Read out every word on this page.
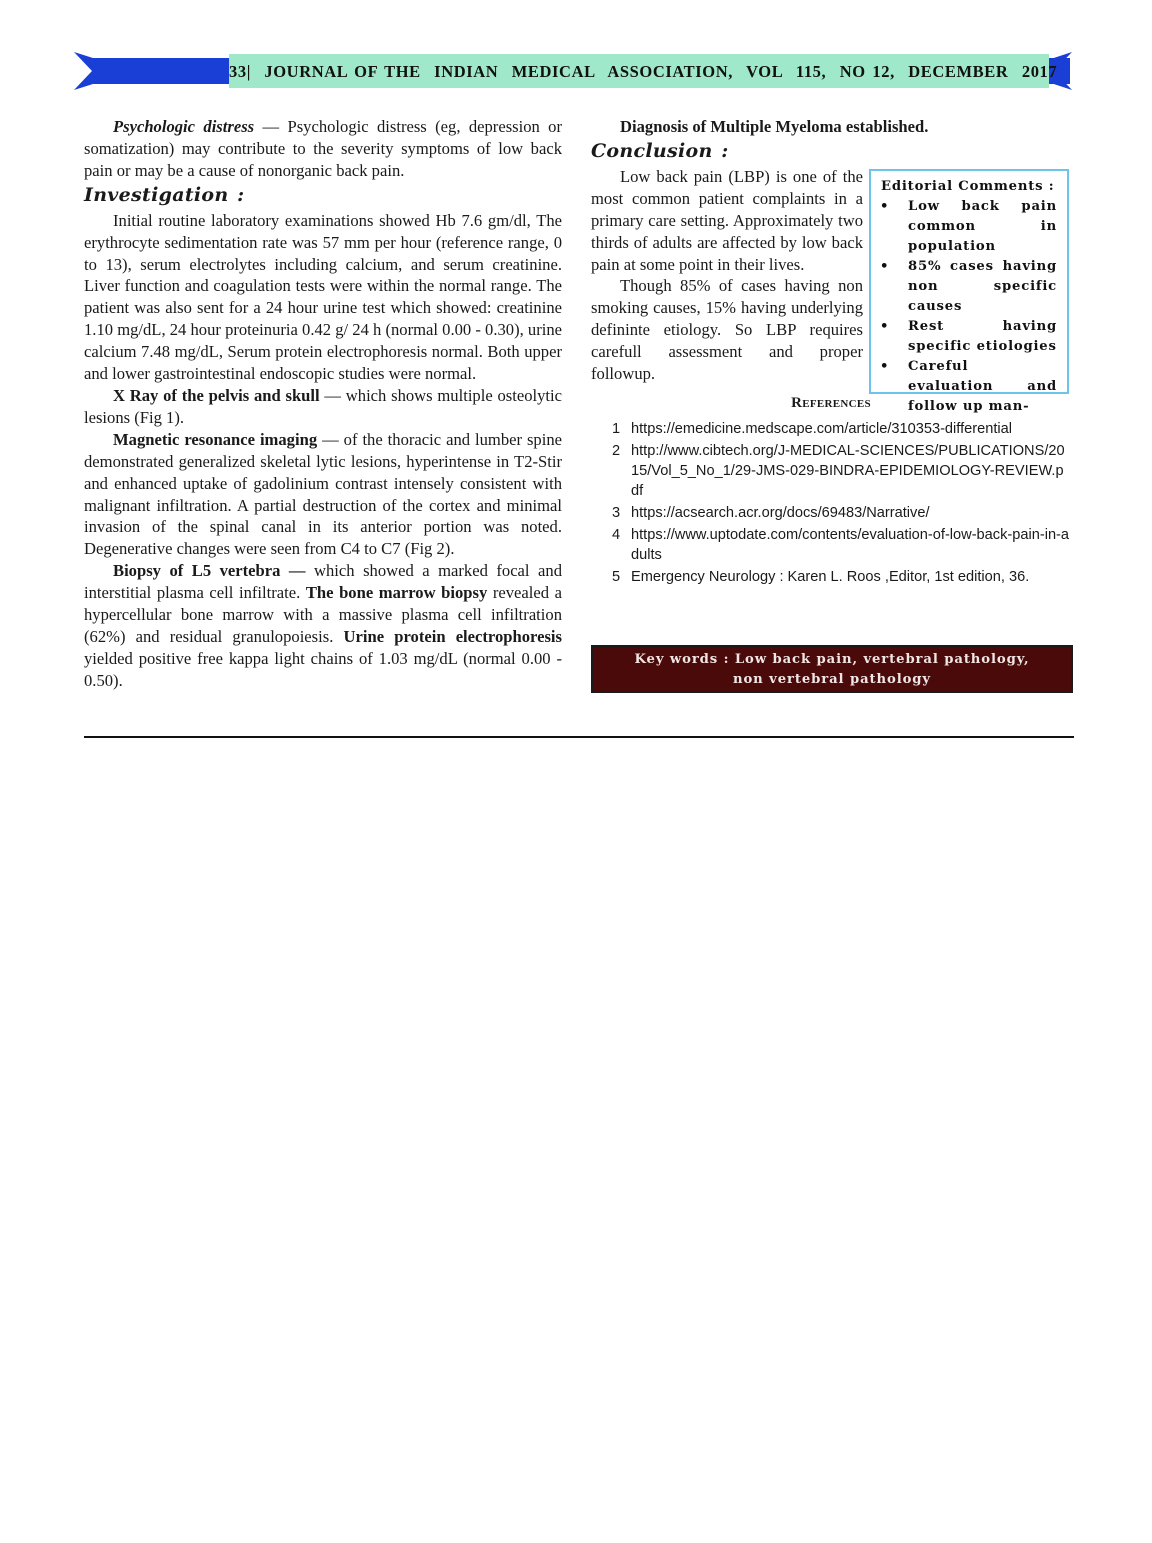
33| JOURNAL OF THE  INDIAN  MEDICAL  ASSOCIATION, VOL  115, NO 12, DECEMBER  2017

Psychologic distress — Psychologic distress (eg, depression or somatization) may contribute to the severity symptoms of low back pain or may be a cause of nonorganic back pain.

Investigation :

Initial routine laboratory examinations showed Hb 7.6 gm/dl, The erythrocyte sedimentation rate was 57 mm per hour (reference range, 0 to 13), serum electrolytes including calcium, and serum creatinine. Liver function and coagulation tests were within the normal range. The patient was also sent for a 24 hour urine test which showed: creatinine 1.10 mg/dL, 24 hour proteinuria 0.42 g/ 24 h (normal 0.00 - 0.30), urine calcium 7.48 mg/dL, Serum protein electrophoresis normal. Both upper and lower gastrointestinal endoscopic studies were normal.

X Ray of the pelvis and skull — which shows multiple osteolytic lesions (Fig 1).

Magnetic resonance imaging — of the thoracic and lumber spine demonstrated generalized skeletal lytic lesions, hyperintense in T2-Stir and enhanced uptake of gadolinium contrast intensely consistent with malignant infiltration. A partial destruction of the cortex and minimal invasion of the spinal canal in its anterior portion was noted. Degenerative changes were seen from C4 to C7 (Fig 2).

Biopsy of L5 vertebra — which showed a marked focal and interstitial plasma cell infiltrate. The bone marrow biopsy revealed a hypercellular bone marrow with a massive plasma cell infiltration (62%) and residual granulopoiesis. Urine protein electrophoresis yielded positive free kappa light chains of 1.03 mg/dL (normal 0.00 - 0.50).

Diagnosis of Multiple Myeloma established.

Conclusion :

Low back pain (LBP) is one of the most common patient complaints in a primary care setting. Approximately two thirds of adults are affected by low back pain at some point in their lives.

Though 85% of cases having non smoking causes, 15% having underlying defininte etiology. So LBP requires carefull assessment and proper followup.

Editorial Comments :
• Low back pain common in population
• 85% cases having non specific causes
• Rest having specific etiologies
• Careful evaluation and follow up man-
References
1 https://emedicine.medscape.com/article/310353-differential
2 http://www.cibtech.org/J-MEDICAL-SCIENCES/PUBLICATIONS/2015/Vol_5_No_1/29-JMS-029-BINDRA-EPIDEMIOLOGY-REVIEW.pdf
3 https://acsearch.acr.org/docs/69483/Narrative/
4 https://www.uptodate.com/contents/evaluation-of-low-back-pain-in-adults
5 Emergency Neurology : Karen L. Roos ,Editor, 1st edition, 36.
Key words : Low back pain, vertebral pathology, non vertebral pathology
